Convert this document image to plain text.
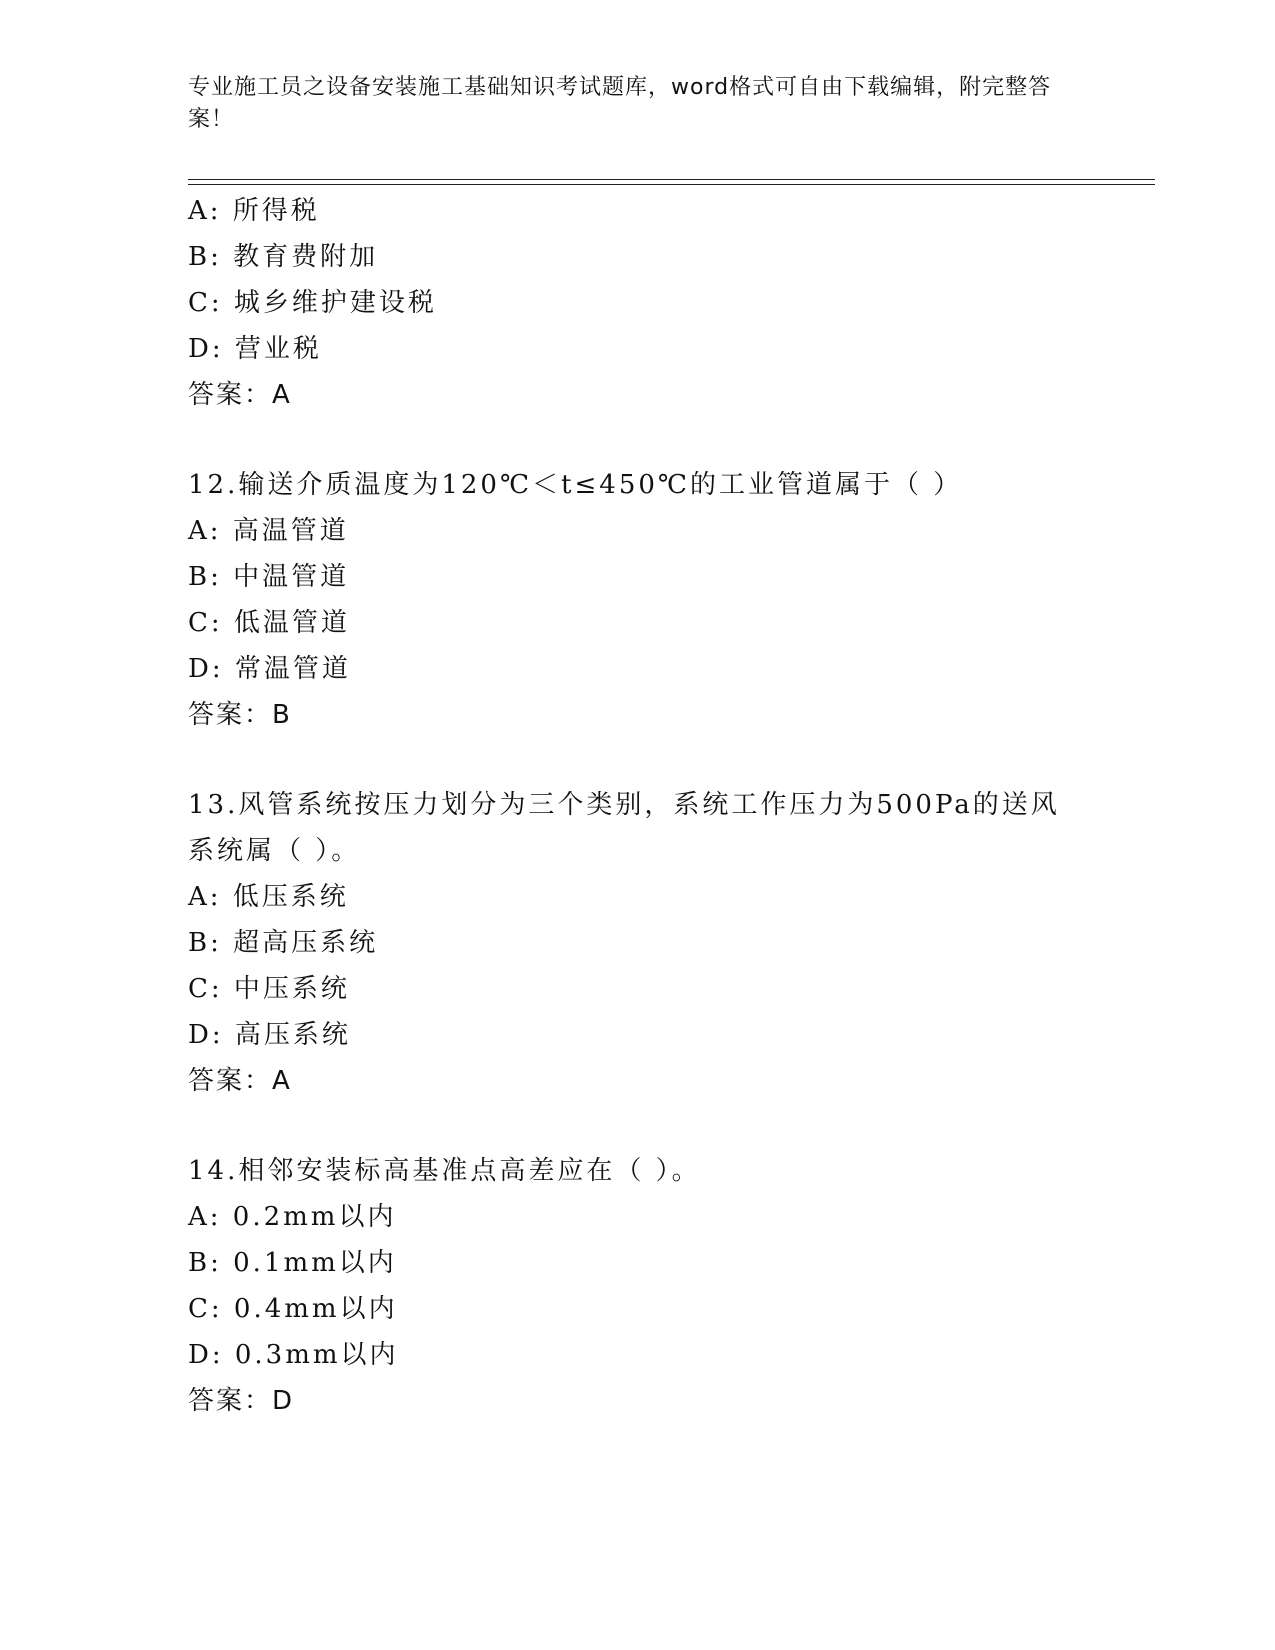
专业施工员之设备安装施工基础知识考试题库，word格式可自由下载编辑，附完整答案！
A: 所得税
B: 教育费附加
C: 城乡维护建设税
D: 营业税
答案：A
12.输送介质温度为120℃＜t≤450℃的工业管道属于（ ）
A: 高温管道
B: 中温管道
C: 低温管道
D: 常温管道
答案：B
13.风管系统按压力划分为三个类别，系统工作压力为500Pa的送风系统属（ ）。
A: 低压系统
B: 超高压系统
C: 中压系统
D: 高压系统
答案：A
14.相邻安装标高基准点高差应在（ ）。
A: 0.2mm以内
B: 0.1mm以内
C: 0.4mm以内
D: 0.3mm以内
答案：D
